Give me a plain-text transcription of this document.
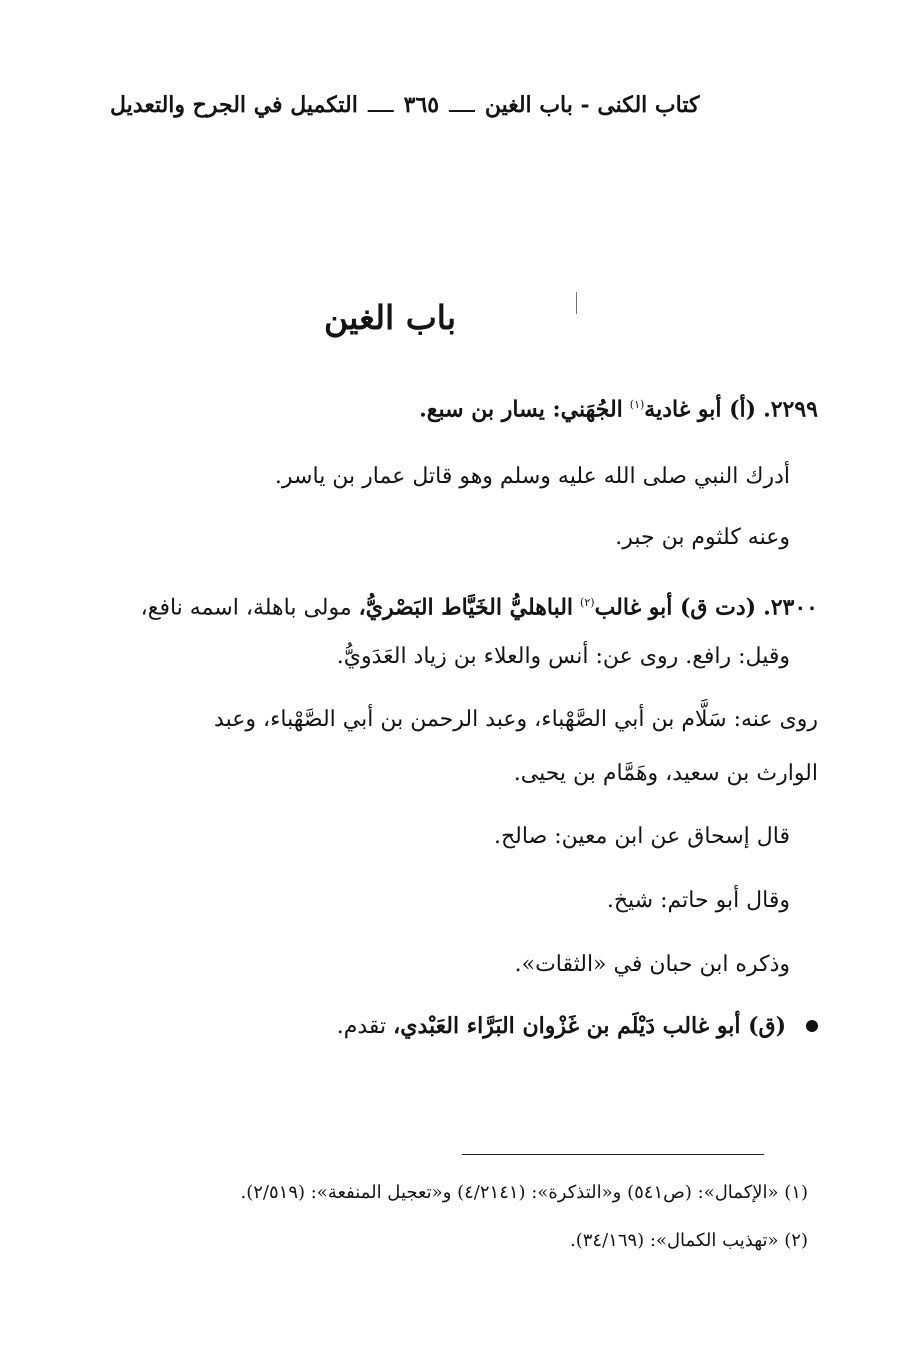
التكميل في الجرح والتعديل ــــ ٣٦٥ ــــ كتاب الكنى - باب الغين
باب الغين
٢٢٩٩. (أ) أبو غادية$^{(١)}$ الجُهَني: يسار بن سبع.
أدرك النبي صلى الله عليه وسلم وهو قاتل عمار بن ياسر.
وعنه كلثوم بن جبر.
٢٣٠٠. (دت ق) أبو غالب$^{(٢)}$ الباهليُّ الخَيَّاط البَصْريُّ، مولى باهلة، اسمه نافع،
وقيل: رافع. روى عن: أنس والعلاء بن زياد العَدَويُّ.
روى عنه: سَلَّام بن أبي الصَّهْباء، وعبد الرحمن بن أبي الصَّهْباء، وعبد
الوارث بن سعيد، وهَمَّام بن يحيى.
قال إسحاق عن ابن معين: صالح.
وقال أبو حاتم: شيخ.
وذكره ابن حبان في «الثقات».
(ق) أبو غالب دَيْلَم بن غَزْوان البَرَّاء العَبْدي، تقدم.
(١) «الإكمال»: (ص٥٤١) و«التذكرة»: (٤/٢١٤١) و«تعجيل المنفعة»: (٢/٥١٩).
(٢) «تهذيب الكمال»: (٣٤/١٦٩).
